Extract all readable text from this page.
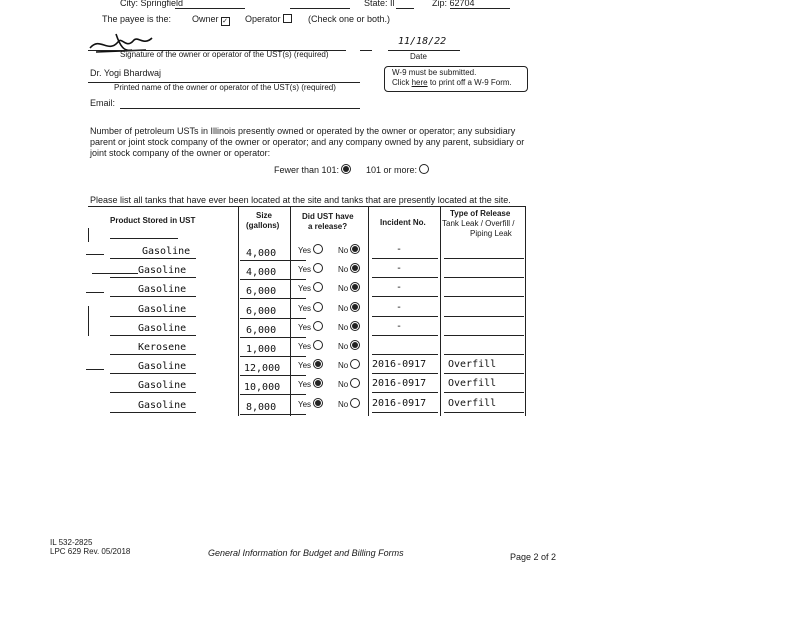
City: Springfield	State: Il	Zip: 62704
The payee is the: Owner ✓ Operator	(Check one or both.)
Signature of the owner or operator of the UST(s) (required)
11/18/22
Date
Dr. Yogi Bhardwaj
Printed name of the owner or operator of the UST(s) (required)
W-9 must be submitted.
Click here to print off a W-9 Form.
Email:
Number of petroleum USTs in Illinois presently owned or operated by the owner or operator; any subsidiary
parent or joint stock company of the owner or operator; and any company owned by any parent, subsidiary or
joint stock company of the owner or operator:
Fewer than 101:	101 or more:
Please list all tanks that have ever been located at the site and tanks that are presently located at the site.
Product Stored in UST
Size
(gallons)
Did UST have
a release?	Incident No.
Type of Release
Tank Leak / Overfill /
Piping Leak
Gasoline	4,000	Yes	No	-
Gasoline	4,000	Yes	No	-
Gasoline	6,000	Yes	No	-
Gasoline	6,000	Yes	No	-
Gasoline	6,000	Yes	No	-
Kerosene	1,000	Yes	No
Gasoline	12,000 Yes	No	2016-0917 Overfill
Gasoline	10,000 Yes	No	2016-0917 Overfill
Gasoline	8,000	Yes	No	2016-0917 Overfill
IL 532-2825
LPC 629 Rev. 05/2018	General Information for Budget and Billing Forms	Page 2 of 2
